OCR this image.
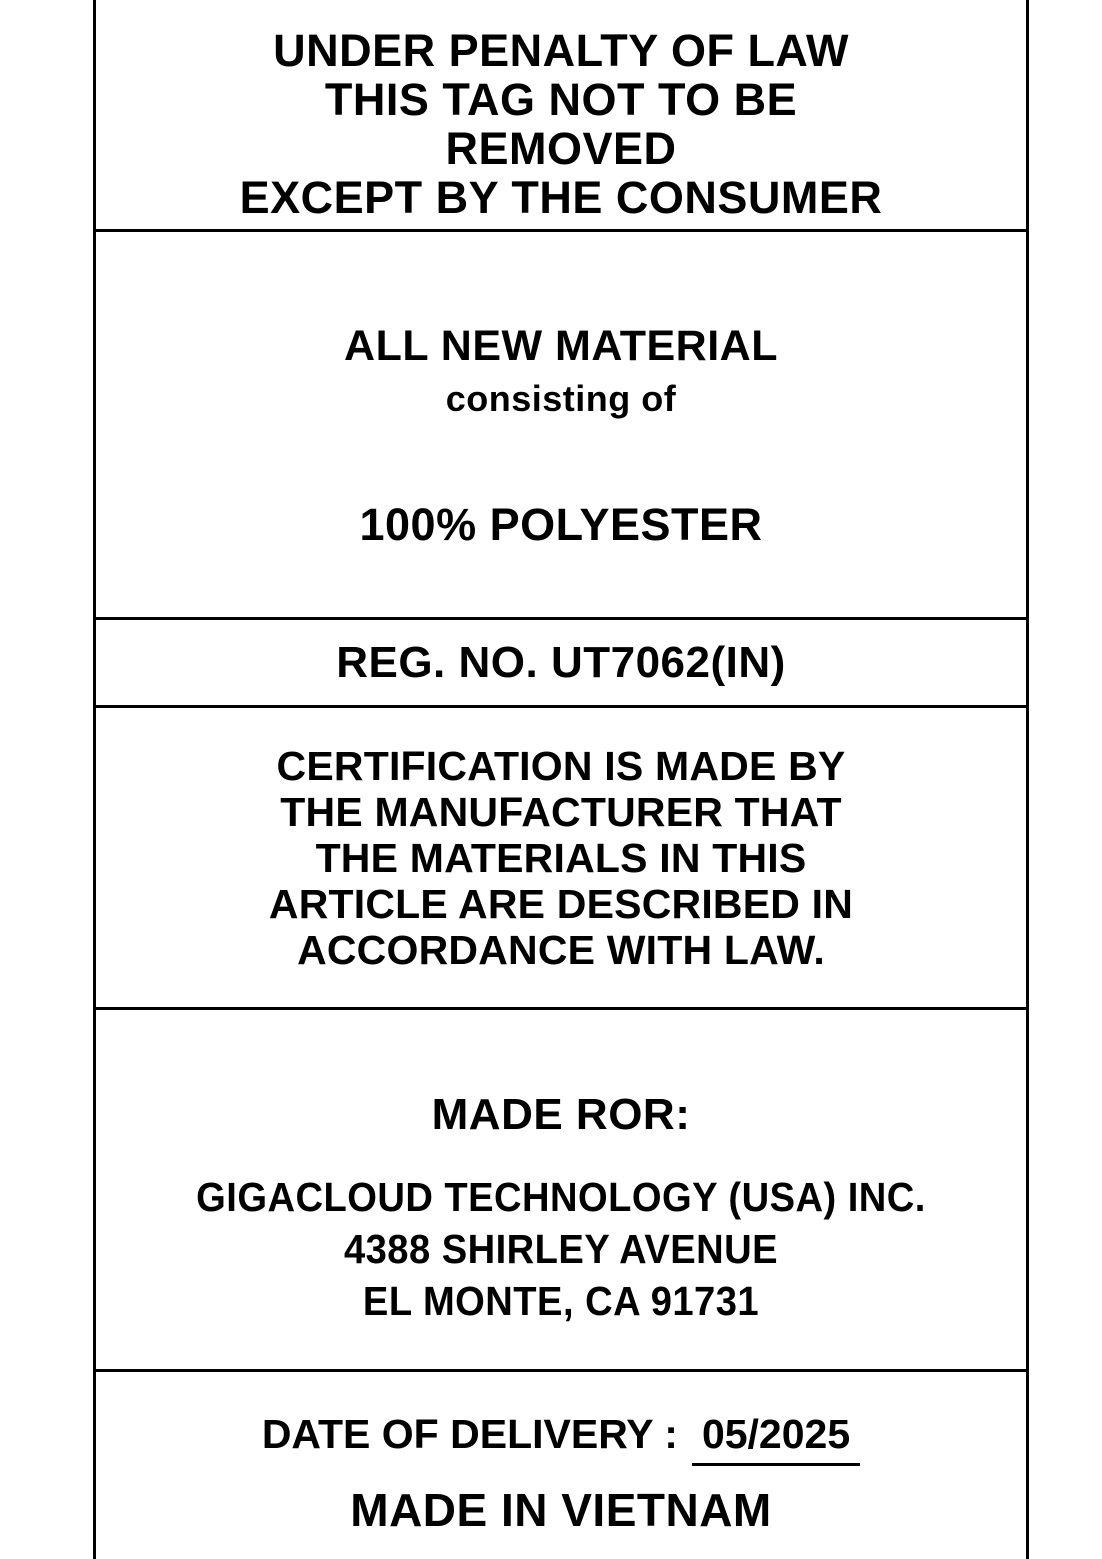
UNDER PENALTY OF LAW
THIS TAG NOT TO BE
REMOVED
EXCEPT BY THE CONSUMER
ALL NEW MATERIAL
consisting of
100% POLYESTER
REG. NO. UT7062(IN)
CERTIFICATION IS MADE BY
THE MANUFACTURER THAT
THE MATERIALS IN THIS
ARTICLE ARE DESCRIBED IN
ACCORDANCE WITH LAW.
MADE ROR:
GIGACLOUD TECHNOLOGY (USA) INC.
4388 SHIRLEY AVENUE
EL MONTE, CA 91731
DATE OF DELIVERY : 05/2025
MADE IN VIETNAM
